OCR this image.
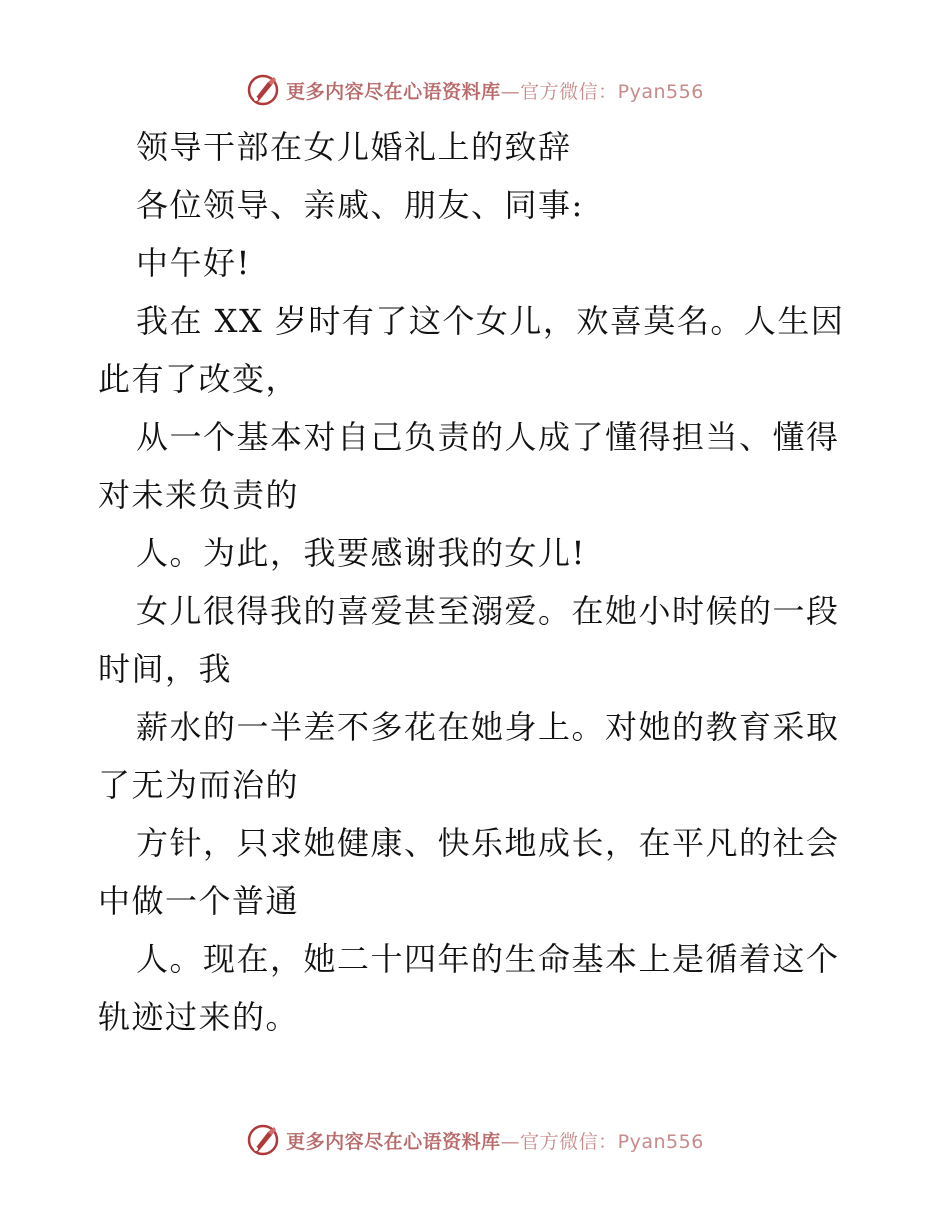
更多内容尽在心语资料库—官方微信：Pyan556

领导干部在女儿婚礼上的致辞

各位领导、亲戚、朋友、同事:

中午好!

我在 XX 岁时有了这个女儿，欢喜莫名。人生因此有了改变，

从一个基本对自己负责的人成了懂得担当、懂得对未来负责的

人。为此，我要感谢我的女儿!

女儿很得我的喜爱甚至溺爱。在她小时候的一段时间，我

薪水的一半差不多花在她身上。对她的教育采取了无为而治的

方针，只求她健康、快乐地成长，在平凡的社会中做一个普通

人。现在，她二十四年的生命基本上是循着这个轨迹过来的。

更多内容尽在心语资料库—官方微信：Pyan556
